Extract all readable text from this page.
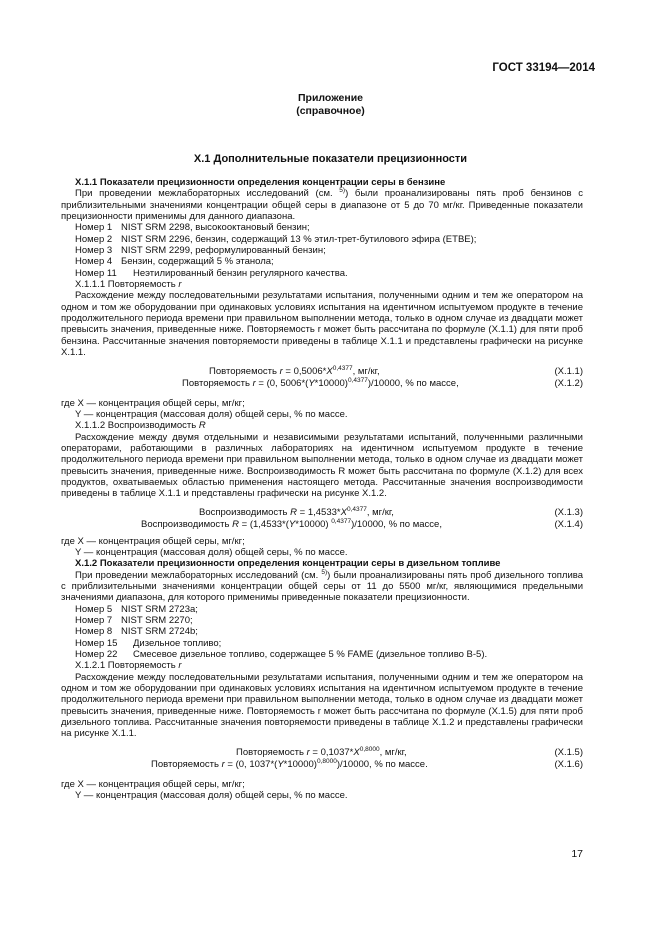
ГОСТ 33194—2014
Приложение
(справочное)
X.1 Дополнительные показатели прецизионности

X.1.1 Показатели прецизионности определения концентрации серы в бензине

При проведении межлабораторных исследований (см. $^{5)}$) были проанализированы пять проб бензинов с приблизительными значениями концентрации общей серы в диапазоне от 5 до 70 мг/кг. Приведенные показатели прецизионности применимы для данного диапазона.

Номер 1 NIST SRM 2298, высокооктановый бензин;
Номер 2 NIST SRM 2296, бензин, содержащий 13 % этил-трет-бутилового эфира (ETBE);
Номер 3 NIST SRM 2299, реформулированный бензин;
Номер 4 Бензин, содержащий 5 % этанола;
Номер 11 Неэтилированный бензин регулярного качества.

X.1.1.1 Повторяемость r

Расхождение между последовательными результатами испытания, полученными одним и тем же оператором на одном и том же оборудовании при одинаковых условиях испытания на идентичном испытуемом продукте в течение продолжительного периода времени при правильном выполнении метода, только в одном случае из двадцати может превысить значения, приведенные ниже. Повторяемость r может быть рассчитана по формуле (X.1.1) для пяти проб бензина. Рассчитанные значения повторяемости приведены в таблице X.1.1 и представлены графически на рисунке X.1.1.

Повторяемость $r = 0,5006*X^{0,4377}$, мг/кг,	(X.1.1)
Повторяемость r = (0, $5006*(Y*10000)^{0,4377})/10000$, % по массе,	(X.1.2)

где X — концентрация общей серы, мг/кг;

Y — концентрация (массовая доля) общей серы, % по массе.

X.1.1.2 Воспроизводимость R

Расхождение между двумя отдельными и независимыми результатами испытаний, полученными различными операторами, работающими в различных лабораториях на идентичном испытуемом продукте в течение продолжительного периода времени при правильном выполнении метода, только в одном случае из двадцати может превысить значения, приведенные ниже. Воспроизводимость R может быть рассчитана по формуле (X.1.2) для всех продуктов, охватываемых областью применения настоящего метода. Рассчитанные значения воспроизводимости приведены в таблице X.1.1 и представлены графически на рисунке X.1.2.

Воспроизводимость $R = 1,4533*X^{0,4377}$, мг/кг,	(X.1.3)
Воспроизводимость R = (1,4533*(Y*10000) $^{0,4377}$)/10000, % по массе,	(X.1.4)

где X — концентрация общей серы, мг/кг;

Y — концентрация (массовая доля) общей серы, % по массе.

X.1.2 Показатели прецизионности определения концентрации серы в дизельном топливе

При проведении межлабораторных исследований (см. $^{5)}$) были проанализированы пять проб дизельного топлива с приблизительными значениями концентрации общей серы от 11 до 5500 мг/кг, являющимися предельными значениями диапазона, для которого применимы приведенные показатели прецизионности.

Номер 5 NIST SRM 2723a;
Номер 7 NIST SRM 2270;
Номер 8 NIST SRM 2724b;
Номер 15 Дизельное топливо;
Номер 22 Смесевое дизельное топливо, содержащее 5 % FAME (дизельное топливо B-5).

X.1.2.1 Повторяемость r

Расхождение между последовательными результатами испытания, полученными одним и тем же оператором на одном и том же оборудовании при одинаковых условиях испытания на идентичном испытуемом продукте в течение продолжительного периода времени при правильном выполнении метода, только в одном случае из двадцати может превысить значения, приведенные ниже. Повторяемость r может быть рассчитана по формуле (X.1.5) для пяти проб дизельного топлива. Рассчитанные значения повторяемости приведены в таблице X.1.2 и представлены графически на рисунке X.1.1.

Повторяемость $r = 0,1037*X^{0,8000}$, мг/кг,	(X.1.5)
Повторяемость r = (0, $1037*(Y*10000)^{0,8000})/10000$, % по массе.	(X.1.6)

где X — концентрация общей серы, мг/кг;

Y — концентрация (массовая доля) общей серы, % по массе.

17
